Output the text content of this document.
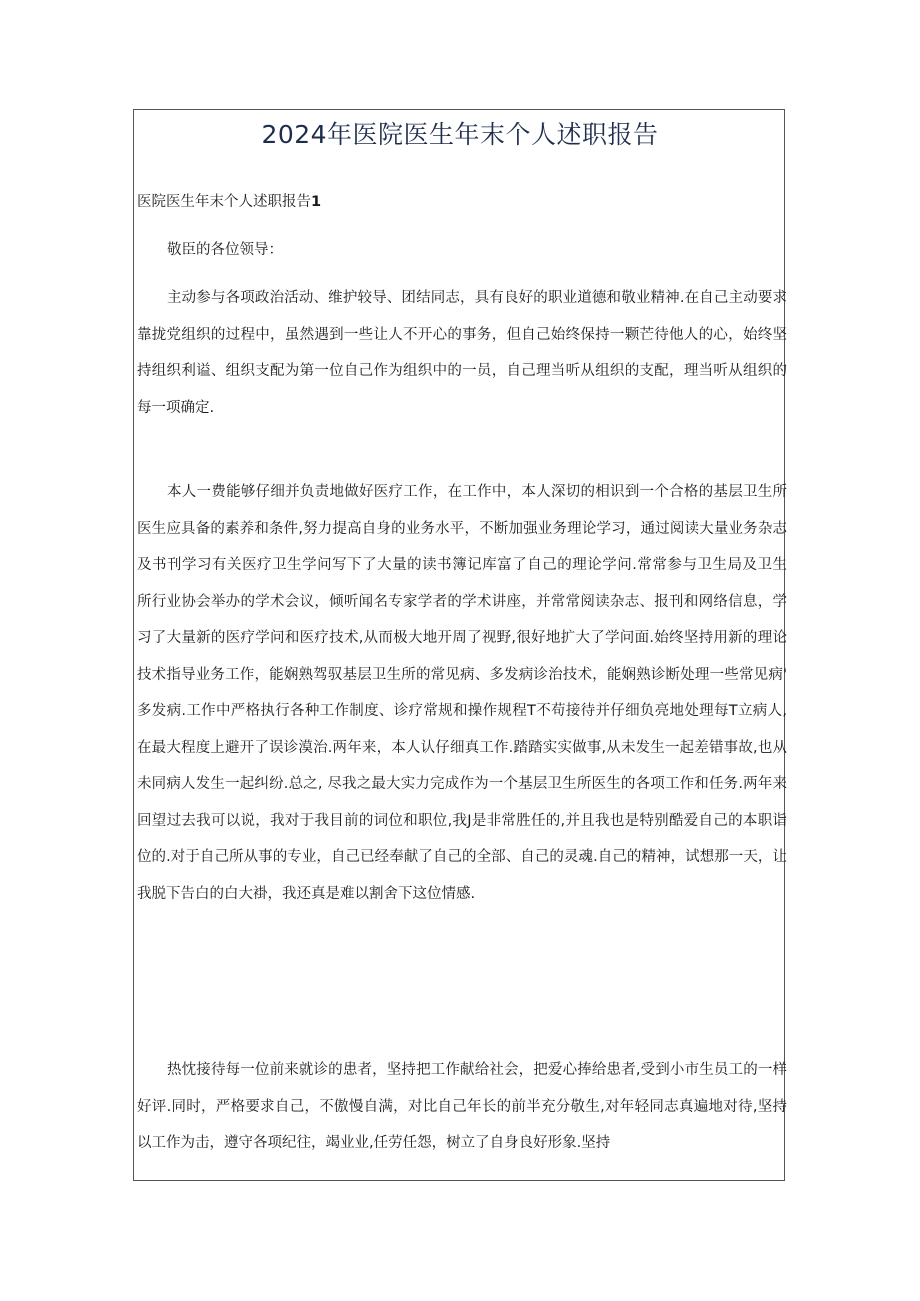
2024年医院医生年末个人述职报告
医院医生年末个人述职报告1

敬臣的各位领导：

主动参与各项政治活动、维护较导、团结同志，具有良好的职业道德和敬业精神.在自己主动要求
靠拢党组织的过程中，虽然遇到一些让人不开心的事务，但自己始终保持一颗芒待他人的心，始终坚
持组织利谥、组织支配为第一位自己作为组织中的一员，自己理当听从组织的支配，理当听从组织的
每一项确定.
本人一费能够仔细并负责地做好医疗工作，在工作中，本人深切的相识到一个合格的基层卫生所
医生应具备的素养和条件,努力提高自身的业务水平，不断加强业务理论学习，通过阅读大量业务杂志
及书刊学习有关医疗卫生学问写下了大量的读书簿记库富了自己的理论学问.常常参与卫生局及卫生
所行业协会举办的学术会议，倾听闻名专家学者的学术讲座，并常常阅读杂志、报刊和网络信息，学
习了大量新的医疗学问和医疗技术,从而极大地开周了视野,很好地扩大了学问面.始终坚持用新的理论
技术指导业务工作，能娴熟驾驭基层卫生所的常见病、多发病诊治技术，能娴熟诊断处理一些常见病'
多发病.工作中严格执行各种工作制度、诊疗常规和操作规程T不苟接待并仔细负亮地处理每T立病人,
在最大程度上避开了误诊漠治.两年来，本人认仔细真工作.踏踏实实做事,从未发生一起差错事故,也从
未同病人发生一起纠纷.总之, 尽我之最大实力完成作为一个基层卫生所医生的各项工作和任务.两年来
回望过去我可以说，我对于我目前的词位和职位,我J是非常胜任的,并且我也是特别酷爱自己的本职诣
位的.对于自己所从事的专业，自己已经奉献了自己的全部、自己的灵魂.自己的精神，试想那一天，让
我脱下告白的白大褂，我还真是难以割舍下这位情感.
热忱接待每一位前来就诊的患者，坚持把工作献给社会，把爱心捧给患者,受到小市生员工的一样
好评.同时，严格要求自己，不傲慢自满，对比自己年长的前半充分敬生,对年轻同志真遍地对待,坚持
以工作为击，遵守各项纪往，竭业业,任劳任怨，树立了自身良好形象.坚持
